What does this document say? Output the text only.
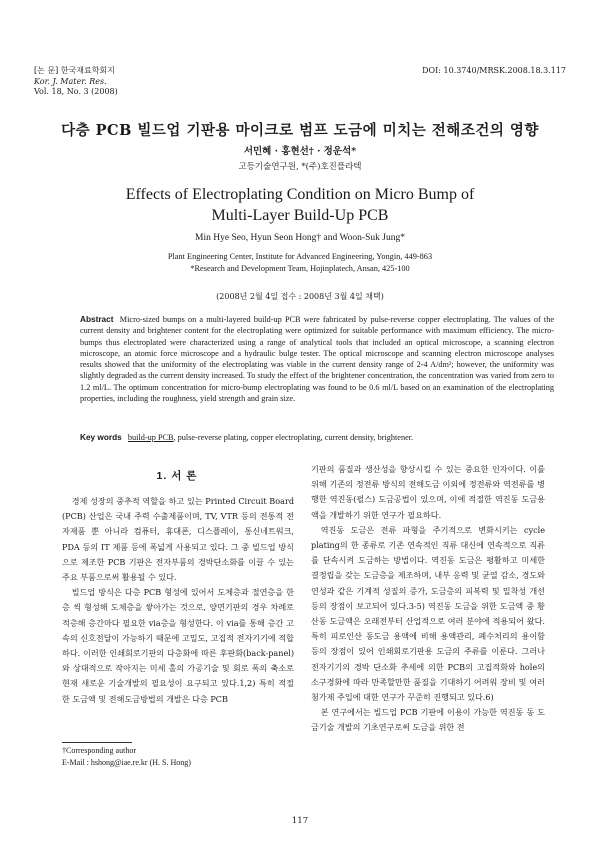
[논 문] 한국재료학회지
Kor. J. Mater. Res.
Vol. 18, No. 3 (2008)
DOI: 10.3740/MRSK.2008.18.3.117
다층 PCB 빌드업 기판용 마이크로 범프 도금에 미치는 전해조건의 영향
서민혜 · 홍현선† · 정운석*
고등기술연구원, *(주)호진플라텍
Effects of Electroplating Condition on Micro Bump of
Multi-Layer Build-Up PCB
Min Hye Seo, Hyun Seon Hong† and Woon-Suk Jung*
Plant Engineering Center, Institute for Advanced Engineering, Yongin, 449-863
*Research and Development Team, Hojinplatech, Ansan, 425-100
(2008년 2월 4일 접수 : 2008년 3월 4일 채택)
Abstract Micro-sized bumps on a multi-layered build-up PCB were fabricated by pulse-reverse copper electroplating. The values of the current density and brightener content for the electroplating were optimized for suitable performance with maximum efficiency. The micro-bumps thus electroplated were characterized using a range of analytical tools that included an optical microscope, a scanning electron microscope, an atomic force microscope and a hydraulic bulge tester. The optical microscope and scanning electron microscope analyses results showed that the uniformity of the electroplating was viable in the current density range of 2-4 A/dm²; however, the uniformity was slightly degraded as the current density increased. To study the effect of the brightener concentration, the concentration was varied from zero to 1.2 ml/L. The optimum concentration for micro-bump electroplating was found to be 0.6 ml/L based on an examination of the electroplating properties, including the roughness, yield strength and grain size.
Key words build-up PCB, pulse-reverse plating, copper electroplating, current density, brightener.
1. 서 론

경제 성장의 중추적 역할을 하고 있는 Printed Circuit Board (PCB) 산업은 국내 주력 수출제품이며, TV, VTR 등의 전통적 전자제품 뿐 아니라 컴퓨터, 휴대폰, 디스플레이, 통신네트워크, PDA 등의 IT 제품 등에 폭넓게 사용되고 있다. 그 중 빌드업 방식으로 제조한 PCB 기판은 전자부품의 경박단소화를 이끌 수 있는 주요 부품으로써 활용될 수 있다.

빌드업 방식은 다층 PCB 형성에 있어서 도체층과 절연층을 한층 씩 형성해 도체층을 쌓아가는 것으로, 양면기판의 경우 차례로 적층해 층간마다 필요한 via층을 형성한다. 이 via를 통해 층간 고속의 신호전달이 가능하기 때문에 고밀도, 고집적 전자기기에 적합하다. 이러한 인쇄회로기판의 다층화에 따른 후판화(back-panel)와 상대적으로 작아지는 미세 홀의 가공기술 및 회로 폭의 축소로 현재 새로운 기술개발의 필요성이 요구되고 있다.1,2) 특히 적절한 도금액 및 전해도금방법의 개발은 다층 PCB

기판의 품질과 생산성을 향상시킬 수 있는 중요한 인자이다. 이를 위해 기존의 정전류 방식의 전해도금 이외에 정전류와 역전류를 병행한 역진동(펄스) 도금공법이 있으며, 이에 적절한 역진동 도금용액을 개발하기 위한 연구가 필요하다.

역진동 도금은 전류 파형을 주기적으로 변화시키는 cycle plating의 한 종류로 기존 연속적인 직류 대신에 연속적으로 직류를 단속시켜 도금하는 방법이다. 역진동 도금은 평활하고 미세한 결정립을 갖는 도금층을 제조하며, 내부 응력 및 균열 감소, 경도와 연성과 같은 기계적 성질의 증가, 도금층의 피복력 및 밀착성 개선 등의 장점이 보고되어 있다.3-5) 역진동 도금을 위한 도금액 중 황산동 도금액은 오래전부터 산업적으로 여러 분야에 적용되어 왔다. 특히 피로인산 동도금 용액에 비해 용액관리, 폐수처리의 용이함 등의 장점이 있어 인쇄회로기판용 도금의 주류를 이룬다. 그러나 전자기기의 경박 단소화 추세에 의한 PCB의 고집적화와 hole의 소구경화에 따라 만족할만한 품질을 기대하기 어려워 장비 및 여러 첨가제 주입에 대한 연구가 꾸준히 진행되고 있다.6)

본 연구에서는 빌드업 PCB 기판에 이용이 가능한 역진동 동 도금기술 개발의 기초연구로써 도금을 위한 전

†Corresponding author
E-Mail : hshong@iae.re.kr (H. S. Hong)
117
